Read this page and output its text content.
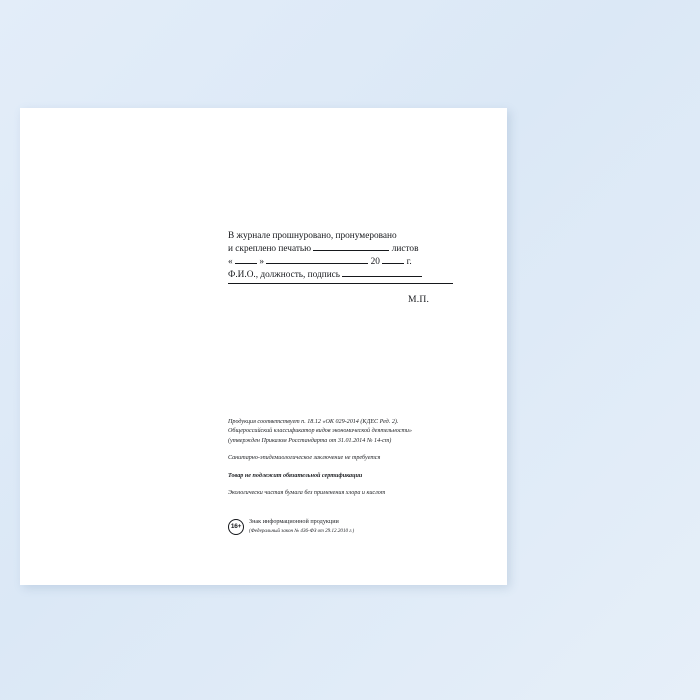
В журнале прошнуровано, пронумеровано
и скреплено печатью	листов
«	»	20	г.
Ф.И.О., должность, подпись
М.П.
Продукция соответствует п. 18.12 «ОК 029-2014 (КДЕС Ред. 2).
Общероссийский классификатор видов экономической деятельности»
(утвержден Приказом Росстандарта от 31.01.2014 № 14-ст)
Санитарно-эпидемиологическое заключение не требуется
Товар не подлежит обязательной сертификации
Экологически чистая бумага без применения хлора и кислот
16+
Знак информационной продукции
(Федеральный закон № 436-ФЗ от 29.12.2010 г.)
